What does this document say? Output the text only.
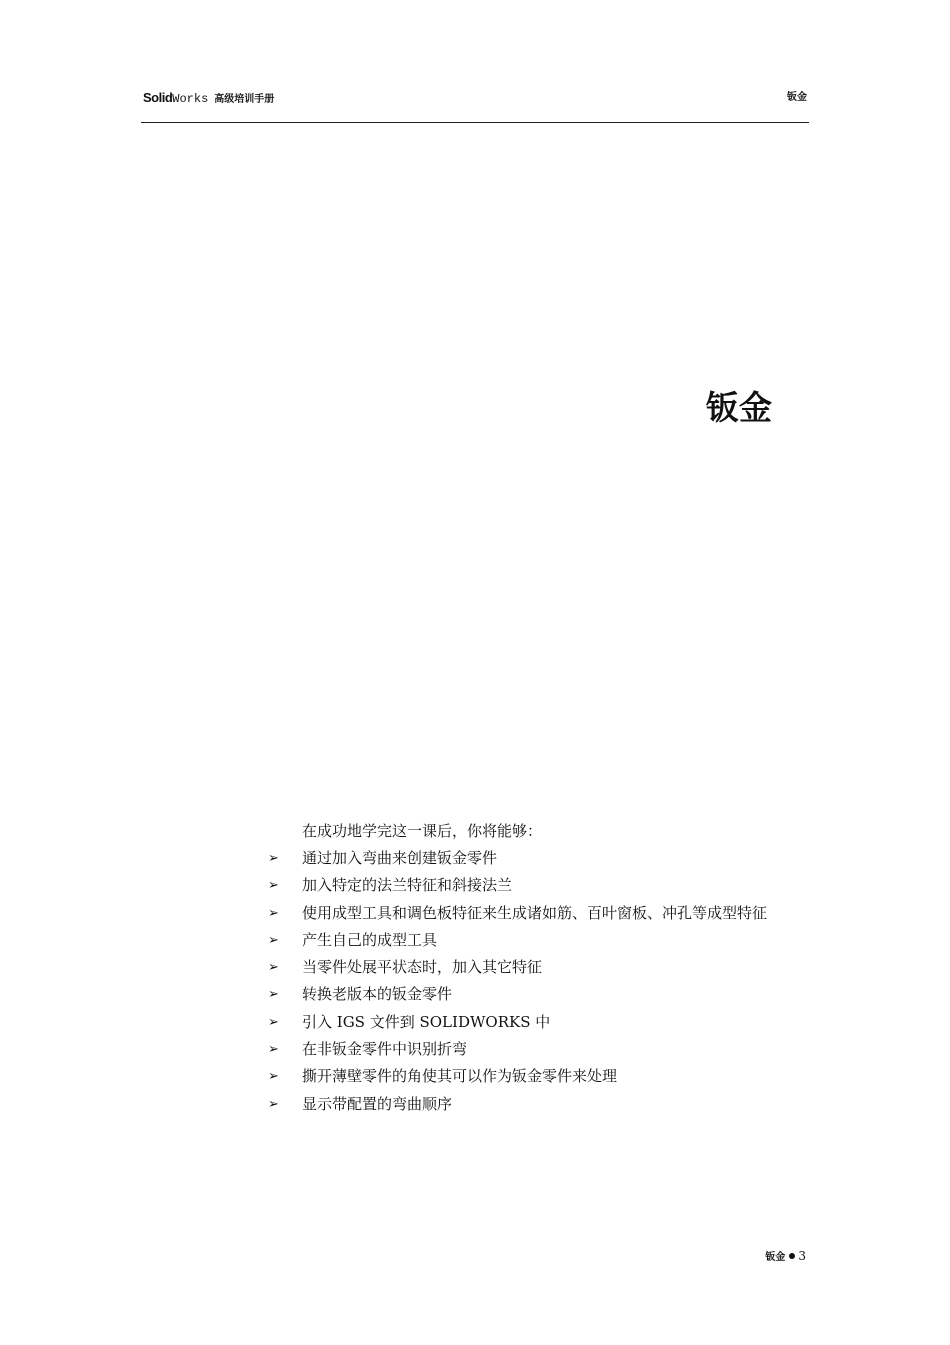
SolidWorks 高级培训手册	钣金
钣金
在成功地学完这一课后，你将能够：
➢ 通过加入弯曲来创建钣金零件
➢ 加入特定的法兰特征和斜接法兰
➢ 使用成型工具和调色板特征来生成诸如筋、百叶窗板、冲孔等成型特征
➢ 产生自己的成型工具
➢ 当零件处展平状态时，加入其它特征
➢ 转换老版本的钣金零件
➢ 引入 IGS 文件到 SOLIDWORKS 中
➢ 在非钣金零件中识别折弯
➢ 撕开薄壁零件的角使其可以作为钣金零件来处理
➢ 显示带配置的弯曲顺序
钣金 3
